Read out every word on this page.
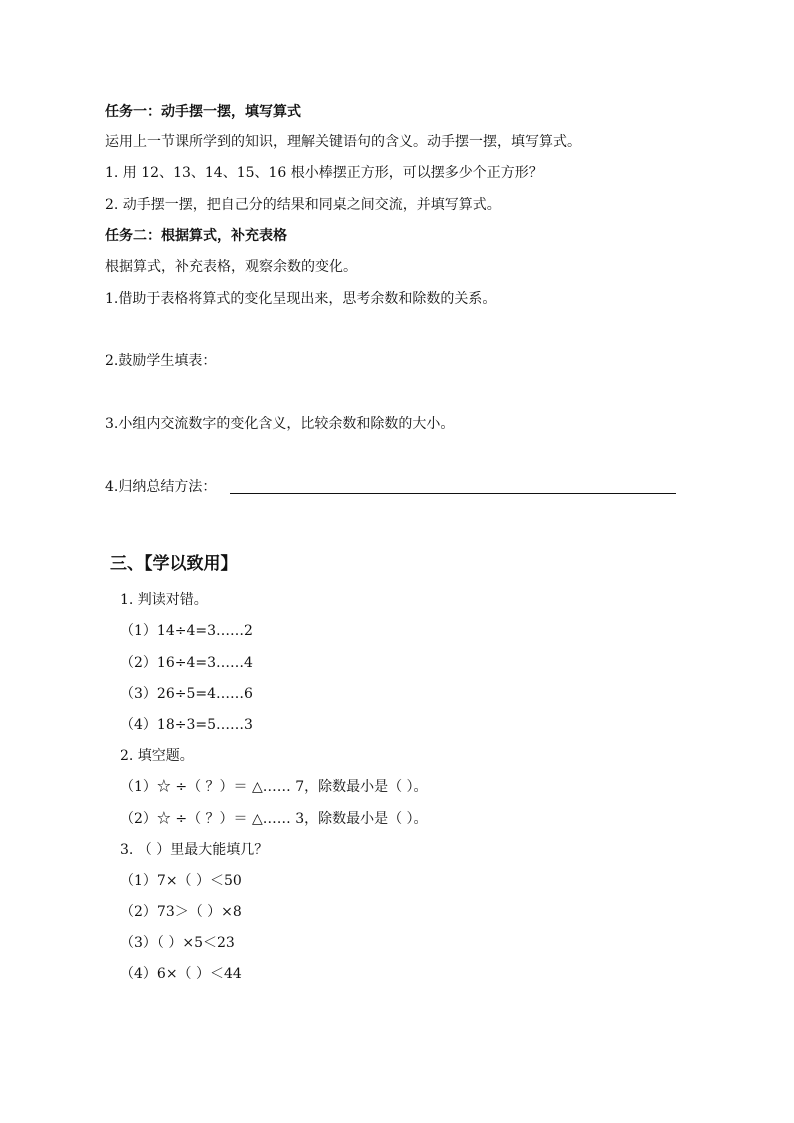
任务一：动手摆一摆，填写算式
运用上一节课所学到的知识，理解关键语句的含义。动手摆一摆，填写算式。
1. 用 12、13、14、15、16 根小棒摆正方形，可以摆多少个正方形？
2. 动手摆一摆，把自己分的结果和同桌之间交流，并填写算式。
任务二：根据算式，补充表格
根据算式，补充表格，观察余数的变化。
1.借助于表格将算式的变化呈现出来，思考余数和除数的关系。
2.鼓励学生填表：
3.小组内交流数字的变化含义，比较余数和除数的大小。
4.归纳总结方法：
三、【学以致用】
1. 判读对错。
（1）14÷4=3……2
（2）16÷4=3……4
（3）26÷5=4……6
（4）18÷3=5……3
2. 填空题。
（1）☆ ÷（ ？）＝ △…… 7，除数最小是（ ）。
（2）☆ ÷（ ？）＝ △…… 3，除数最小是（ ）。
3. （ ）里最大能填几？
（1）7×（ ）＜50
（2）73＞（ ）×8
（3）（ ）×5＜23
（4）6×（ ）＜44
